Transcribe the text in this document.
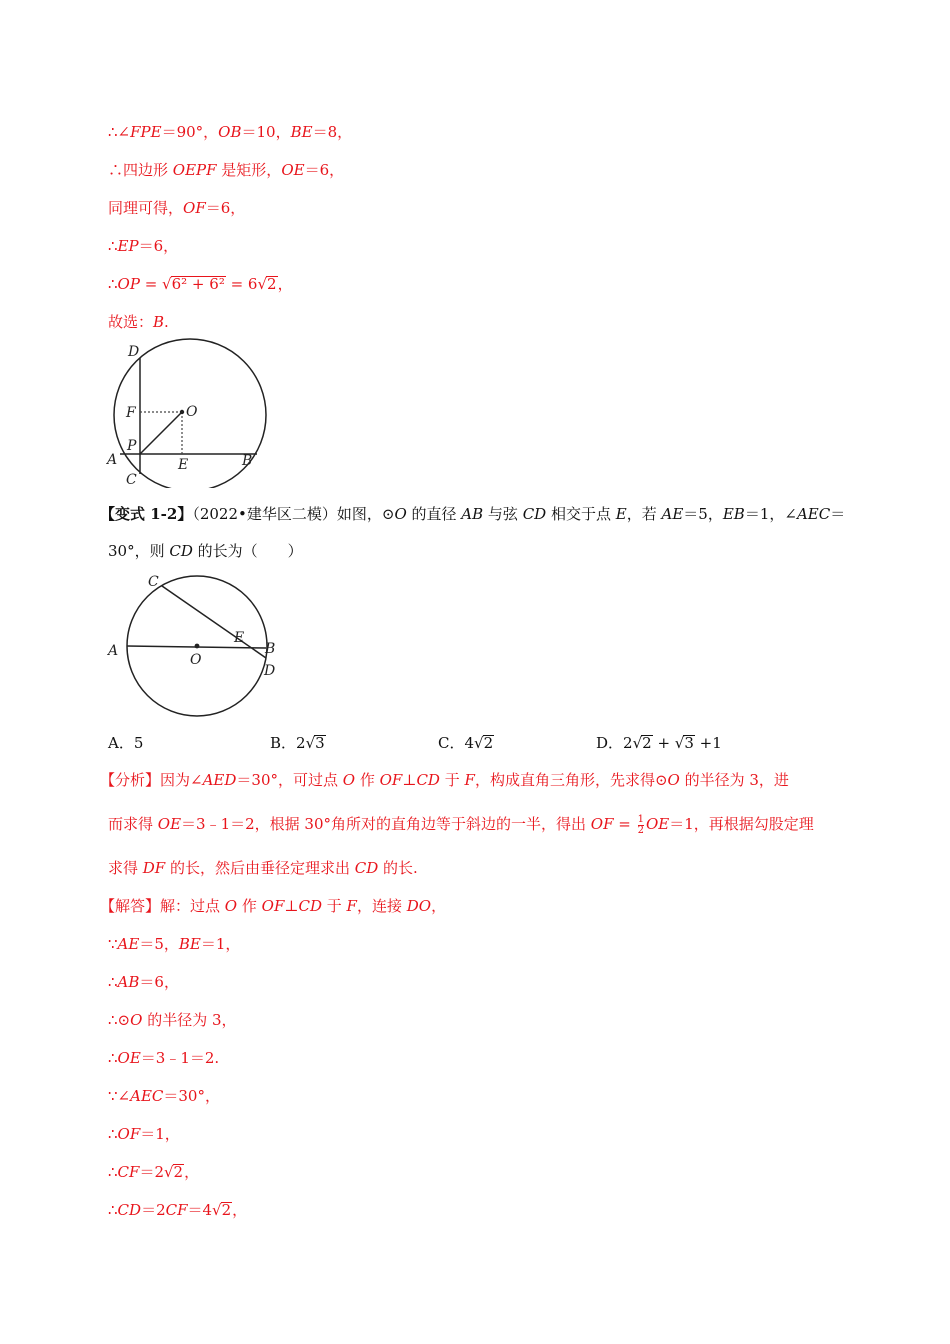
∴∠FPE＝90°，OB＝10，BE＝8，
∴四边形 OEPF 是矩形，OE＝6，
同理可得，OF＝6，
∴EP＝6，
∴OP = √6² + 6² = 6√2，
故选：B.
D
F	O
P
A
C
E	B
【变式 1-2】（2022•建华区二模）如图，⊙O 的直径 AB 与弦 CD 相交于点 E，若 AE＝5，EB＝1，∠AEC＝
30°，则 CD 的长为（　　）
C
A
O
E
B
D
A．5	B．2√3	C．4√2	D．2√2 + √3 +1
【分析】因为∠AED＝30°，可过点 O 作 OF⊥CD 于 F，构成直角三角形，先求得⊙O 的半径为 3，进
而求得 OE＝3﹣1＝2，根据 30°角所对的直角边等于斜边的一半，得出 OF = $\frac{1}{2} OE=1$，再根据勾股定理
求得 DF 的长，然后由垂径定理求出 CD 的长.
【解答】解：过点 O 作 OF⊥CD 于 F，连接 DO，
∵AE＝5，BE＝1，
∴AB＝6，
∴⊙O 的半径为 3，
∴OE＝3﹣1＝2.
∵∠AEC＝30°，
∴OF＝1，
∴CF＝2√2，
∴CD＝2CF＝4√2，
